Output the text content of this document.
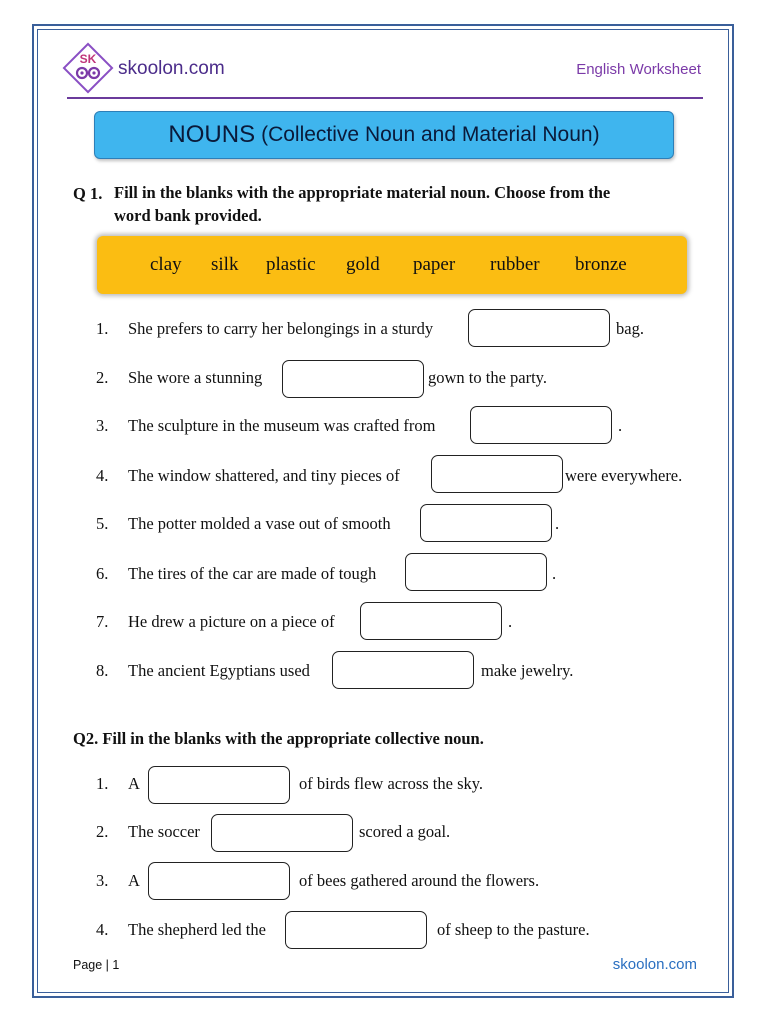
SK skoolon.com	English Worksheet
NOUNS (Collective Noun and Material Noun)
Q 1. Fill in the blanks with the appropriate material noun. Choose from the
word bank provided.
clay silk plastic gold paper rubber bronze
1. She prefers to carry her belongings in a sturdy	bag.
2. She wore a stunning	gown to the party.
3. The sculpture in the museum was crafted from	.
4. The window shattered, and tiny pieces of	were everywhere.
5. The potter molded a vase out of smooth	.
6. The tires of the car are made of tough	.
7. He drew a picture on a piece of	.
8. The ancient Egyptians used	make jewelry.
Q2. Fill in the blanks with the appropriate collective noun.
1. A	of birds flew across the sky.
2. The soccer	scored a goal.
3. A	of bees gathered around the flowers.
4. The shepherd led the	of sheep to the pasture.
Page | 1	skoolon.com
